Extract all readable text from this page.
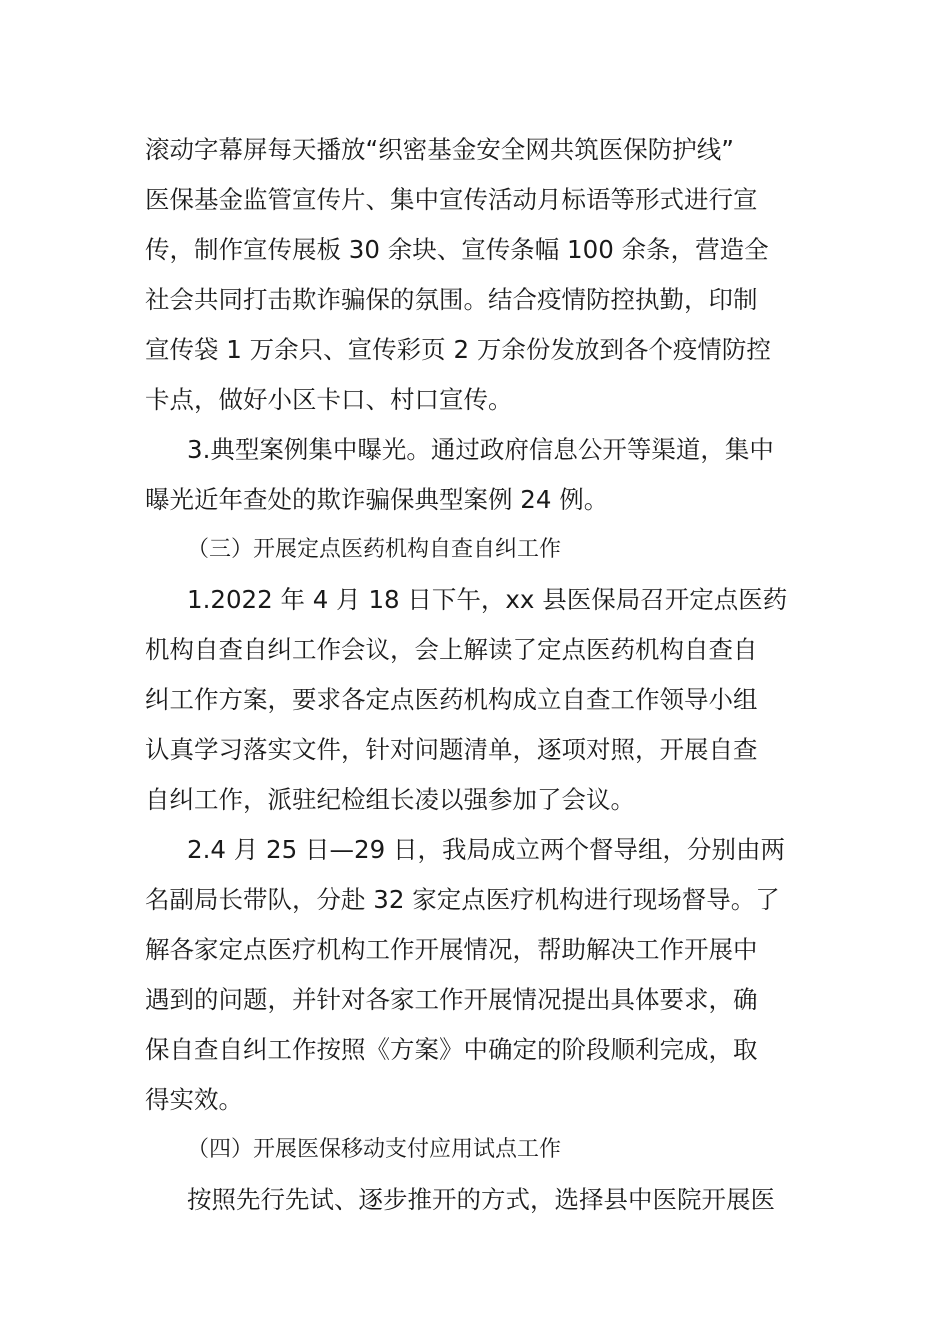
滚动字幕屏每天播放“织密基金安全网共筑医保防护线”
医保基金监管宣传片、集中宣传活动月标语等形式进行宣
传，制作宣传展板 30 余块、宣传条幅 100 余条，营造全
社会共同打击欺诈骗保的氛围。结合疫情防控执勤，印制
宣传袋 1 万余只、宣传彩页 2 万余份发放到各个疫情防控
卡点，做好小区卡口、村口宣传。
3.典型案例集中曝光。通过政府信息公开等渠道，集中
曝光近年查处的欺诈骗保典型案例 24 例。
（三）开展定点医药机构自查自纠工作
1.2022 年 4 月 18 日下午，xx 县医保局召开定点医药
机构自查自纠工作会议，会上解读了定点医药机构自查自
纠工作方案，要求各定点医药机构成立自查工作领导小组
认真学习落实文件，针对问题清单，逐项对照，开展自查
自纠工作，派驻纪检组长凌以强参加了会议。
2.4 月 25 日—29 日，我局成立两个督导组，分别由两
名副局长带队，分赴 32 家定点医疗机构进行现场督导。了
解各家定点医疗机构工作开展情况，帮助解决工作开展中
遇到的问题，并针对各家工作开展情况提出具体要求，确
保自查自纠工作按照《方案》中确定的阶段顺利完成，取
得实效。
（四）开展医保移动支付应用试点工作
按照先行先试、逐步推开的方式，选择县中医院开展医
